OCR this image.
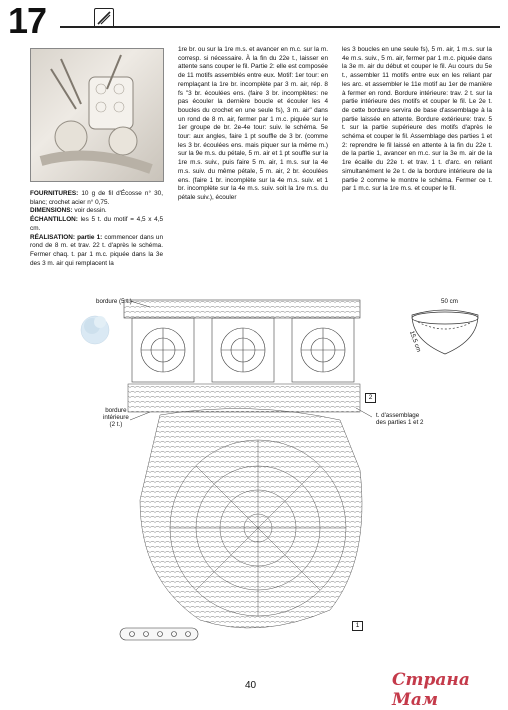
17
FOURNITURES: 10 g de fil d'Écosse n° 30, blanc; crochet acier n° 0,75.
DIMENSIONS: voir dessin.
ÉCHANTILLON: les 5 t. du motif = 4,5 x 4,5 cm.
RÉALISATION: partie 1: commencer dans un rond de 8 m. et trav. 22 t. d'après le schéma. Fermer chaq. t. par 1 m.c. piquée dans la 3e des 3 m. air qui remplacent la
1re br. ou sur la 1re m.s. et avancer en m.c. sur la m. corresp. si nécessaire. À la fin du 22e t., laisser en attente sans couper le fil. Partie 2: elle est composée de 11 motifs assemblés entre eux. Motif: 1er tour: en remplaçant la 1re br. incomplète par 3 m. air, rép. 8 fs "3 br. écoulées ens. (faire 3 br. incomplètes: ne pas écouler la dernière boucle et écouler les 4 boucles du crochet en une seule fs), 3 m. air" dans un rond de 8 m. air, fermer par 1 m.c. piquée sur le 1er groupe de br. 2e-4e tour: suiv. le schéma. 5e tour: aux angles, faire 1 pt souffle de 3 br. (comme les 3 br. écoulées ens. mais piquer sur la même m.) sur la 9e m.s. du pétale, 5 m. air et 1 pt souffle sur la 1re m.s. suiv., puis faire 5 m. air, 1 m.s. sur la 4e m.s. suiv. du même pétale, 5 m. air, 2 br. écoulées ens. (faire 1 br. incomplète sur la 4e m.s. suiv. et 1 br. incomplète sur la 4e m.s. suiv. soit la 1re m.s. du pétale suiv.), écouler
les 3 boucles en une seule fs), 5 m. air, 1 m.s. sur la 4e m.s. suiv., 5 m. air, fermer par 1 m.c. piquée dans la 3e m. air du début et couper le fil. Au cours du 5e t., assembler 11 motifs entre eux en les reliant par les arc. et assembler le 11e motif au 1er de manière à fermer en rond. Bordure intérieure: trav. 2 t. sur la partie intérieure des motifs et couper le fil. Le 2e t. de cette bordure servira de base d'assemblage à la partie laissée en attente. Bordure extérieure: trav. 5 t. sur la partie supérieure des motifs d'après le schéma et couper le fil. Assemblage des parties 1 et 2: reprendre le fil laissé en attente à la fin du 22e t. de la partie 1, avancer en m.c. sur la 3e m. air de la 1re écaille du 22e t. et trav. 1 t. d'arc. en reliant simultanément le 2e t. de la bordure intérieure de la partie 2 comme le montre le schéma. Fermer ce t. par 1 m.c. sur la 1re m.s. et couper le fil.
bordure (5 t.)
bordure
intérieure
(2 t.)
t. d'assemblage
des parties 1 et 2
2
1
50 cm
15,5 cm
40	Страна Мам
